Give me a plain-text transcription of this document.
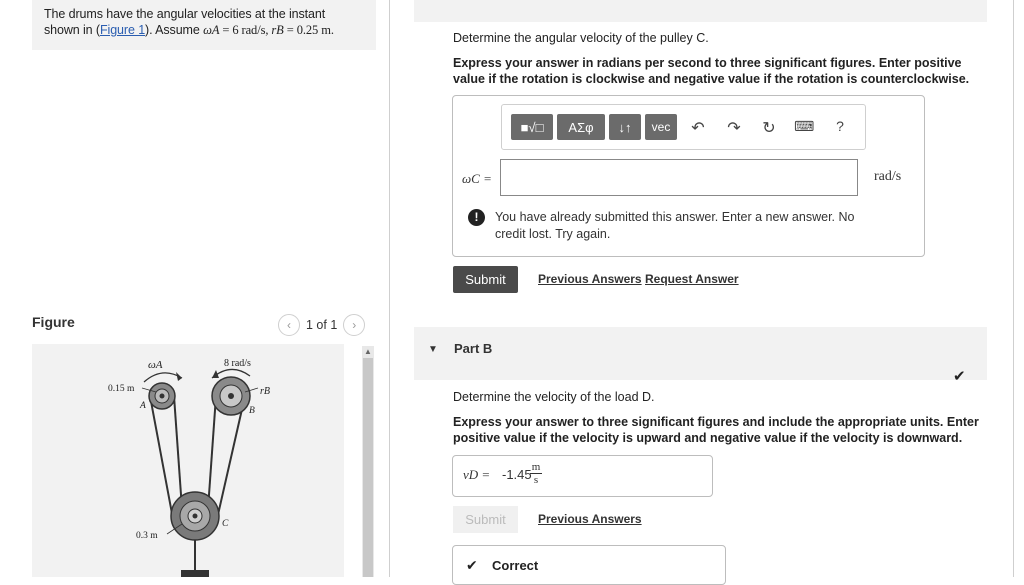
The drums have the angular velocities at the instant
shown in (Figure 1). Assume ωA = 6 rad/s, rB = 0.25 m.
Figure	‹ 1 of 1 ›
ωA	8 rad/s
rB
0.15 m
A	B
C
0.3 m
▲
Determine the angular velocity of the pulley C.
Express your answer in radians per second to three significant figures. Enter positive value if the rotation is clockwise and negative value if the rotation is counterclockwise.
■√□ ΑΣφ ↓↑ vec ↶ ↷ ↻ ⌨	?
ωC =	rad/s
!	You have already submitted this answer. Enter a new answer. No credit lost. Try again.
Submit	Previous Answers Request Answer
▼ Part B
✔
Determine the velocity of the load D.
Express your answer to three significant figures and include the appropriate units. Enter positive value if the velocity is upward and negative value if the velocity is downward.
vD = -1.45 m
s
Submit	Previous Answers
✔ Correct
